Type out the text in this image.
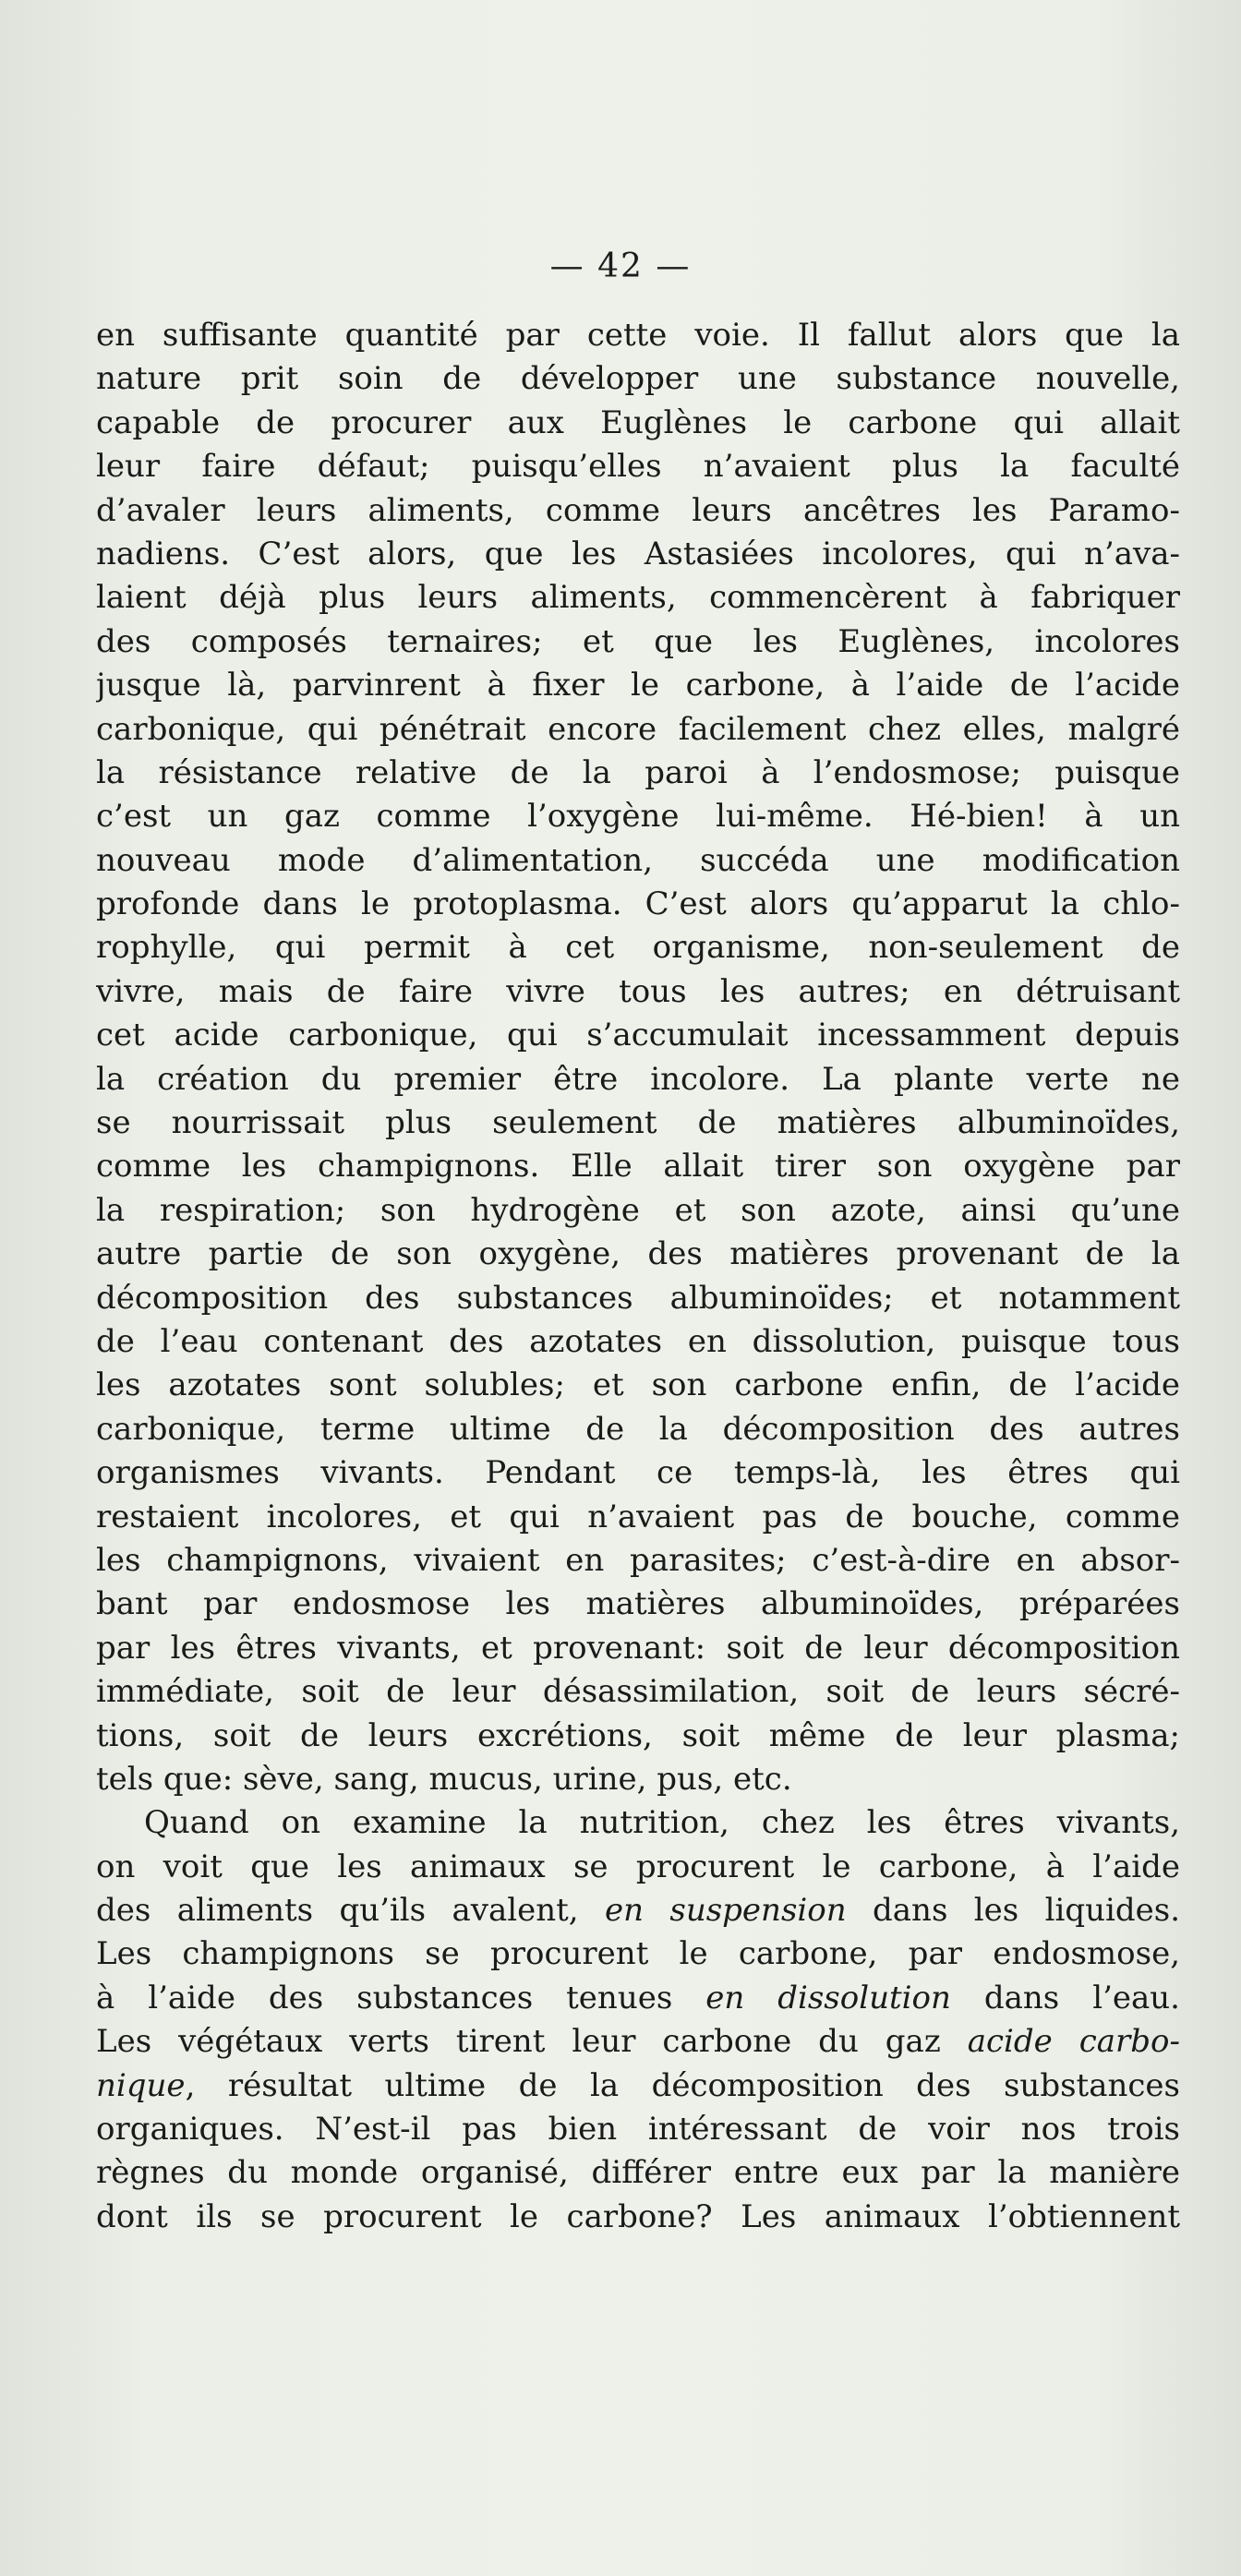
— 42 —
en suffisante quantité par cette voie. Il fallut alors que la
nature prit soin de développer une substance nouvelle,
capable de procurer aux Euglènes le carbone qui allait
leur faire défaut; puisqu’elles n’avaient plus la faculté
d’avaler leurs aliments, comme leurs ancêtres les Paramo-
nadiens. C’est alors, que les Astasiées incolores, qui n’ava-
laient déjà plus leurs aliments, commencèrent à fabriquer
des composés ternaires; et que les Euglènes, incolores
jusque là, parvinrent à fixer le carbone, à l’aide de l’acide
carbonique, qui pénétrait encore facilement chez elles, malgré
la résistance relative de la paroi à l’endosmose; puisque
c’est un gaz comme l’oxygène lui-même. Hé-bien! à un
nouveau mode d’alimentation, succéda une modification
profonde dans le protoplasma. C’est alors qu’apparut la chlo-
rophylle, qui permit à cet organisme, non-seulement de
vivre, mais de faire vivre tous les autres; en détruisant
cet acide carbonique, qui s’accumulait incessamment depuis
la création du premier être incolore. La plante verte ne
se nourrissait plus seulement de matières albuminoïdes,
comme les champignons. Elle allait tirer son oxygène par
la respiration; son hydrogène et son azote, ainsi qu’une
autre partie de son oxygène, des matières provenant de la
décomposition des substances albuminoïdes; et notamment
de l’eau contenant des azotates en dissolution, puisque tous
les azotates sont solubles; et son carbone enfin, de l’acide
carbonique, terme ultime de la décomposition des autres
organismes vivants. Pendant ce temps-là, les êtres qui
restaient incolores, et qui n’avaient pas de bouche, comme
les champignons, vivaient en parasites; c’est-à-dire en absor-
bant par endosmose les matières albuminoïdes, préparées
par les êtres vivants, et provenant: soit de leur décomposition
immédiate, soit de leur désassimilation, soit de leurs sécré-
tions, soit de leurs excrétions, soit même de leur plasma;
tels que: sève, sang, mucus, urine, pus, etc.
Quand on examine la nutrition, chez les êtres vivants,
on voit que les animaux se procurent le carbone, à l’aide
des aliments qu’ils avalent, en suspension dans les liquides.
Les champignons se procurent le carbone, par endosmose,
à l’aide des substances tenues en dissolution dans l’eau.
Les végétaux verts tirent leur carbone du gaz acide carbo-
nique, résultat ultime de la décomposition des substances
organiques. N’est-il pas bien intéressant de voir nos trois
règnes du monde organisé, différer entre eux par la manière
dont ils se procurent le carbone? Les animaux l’obtiennent
